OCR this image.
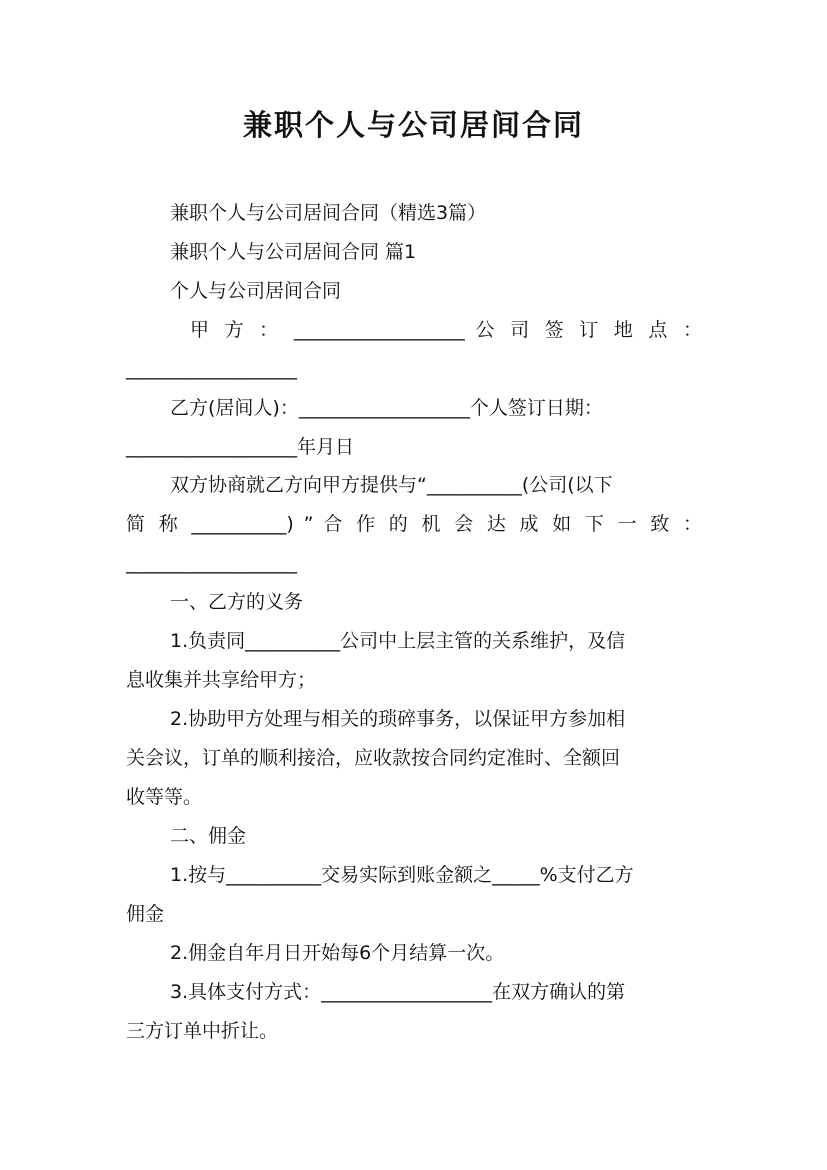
兼职个人与公司居间合同
兼职个人与公司居间合同（精选3篇）
兼职个人与公司居间合同 篇1
个人与公司居间合同
甲 方 ： __________________ 公 司 签 订 地 点 ：
__________________
乙方(居间人)：__________________个人签订日期：
__________________年月日
双方协商就乙方向甲方提供与“__________(公司(以下
简 称 __________) ” 合 作 的 机 会 达 成 如 下 一 致 ：
__________________
一、乙方的义务
1.负责同__________公司中上层主管的关系维护，及信
息收集并共享给甲方；
2.协助甲方处理与相关的琐碎事务，以保证甲方参加相
关会议，订单的顺利接洽，应收款按合同约定准时、全额回
收等等。
二、佣金
1.按与__________交易实际到账金额之_____%支付乙方
佣金
2.佣金自年月日开始每6个月结算一次。
3.具体支付方式：__________________在双方确认的第
三方订单中折让。
